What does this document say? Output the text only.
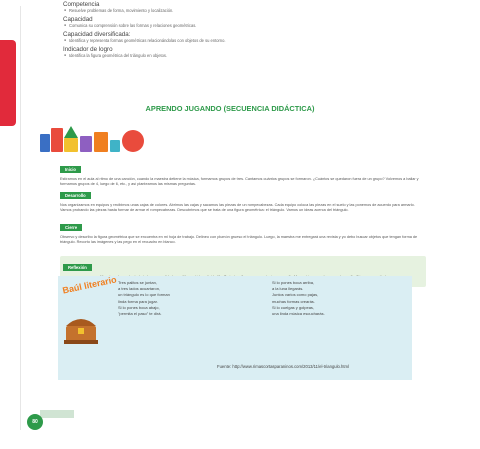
Competencia
● Resuelve problemas de forma, movimiento y localización.
Capacidad
● Comunica su comprensión sobre las formas y relaciones geométricas.
Capacidad diversificada:
● Identifica y representa formas geométricas relacionándolas con objetos de su entorno.
Indicador de logro
● Identifica la figura geométrica del triángulo en objetos.
APRENDO JUGANDO (SECUENCIA DIDÁCTICA)
Inicio
Estiramos en el aula al ritmo de una canción, cuando la maestra detiene la música, formamos grupos de tres. Cantamos cuántos grupos se formaron. ¿Cuántos se quedaron fuera de un grupo? Volvemos a bailar y formamos grupos de 4, luego de 6, etc., y así planteamos las mismas preguntas.
Desarrollo
Nos organizamos en equipos y recibimos unas cajas de colores. Abrimos las cajas y sacamos las piezas de un rompecabezas. Cada equipo coloca las piezas en el suelo y las ponemos de acuerdo para armarlo. Vamos probando las piezas hasta formar de armar el rompecabezas. Descubrimos que se trata de una figura geométrica: el triángulo. Vamos un ideas acerca del triángulo.
Cierre
Observo y describo la figura geométrica que se encuentra en mi hoja de trabajo. Delineo con plumón grueso el triángulo. Luego, la maestra me entregará una revista y yo debo buscar objetos que tengan forma de triángulo. Recorto las imágenes y las pego en el recuadro en blanco.
Reflexión
Baúl literario Tres palitos se juntan,
a tres lados acuartaron,
un triángulo es lo que forman
linda forma para jugar.
Si lo pones boca abajo,
"permita el paso" te dirá.
Si lo pones boca arriba,
a la luna llegarás.
Juntos varios como pajas,
muchas formas crearás.
Si lo cuelgas y golpeas,
una linda música escucharás.
Fuente: http://www.rimascortasparaninos.com/2013/11/el-triangulo.html
80
